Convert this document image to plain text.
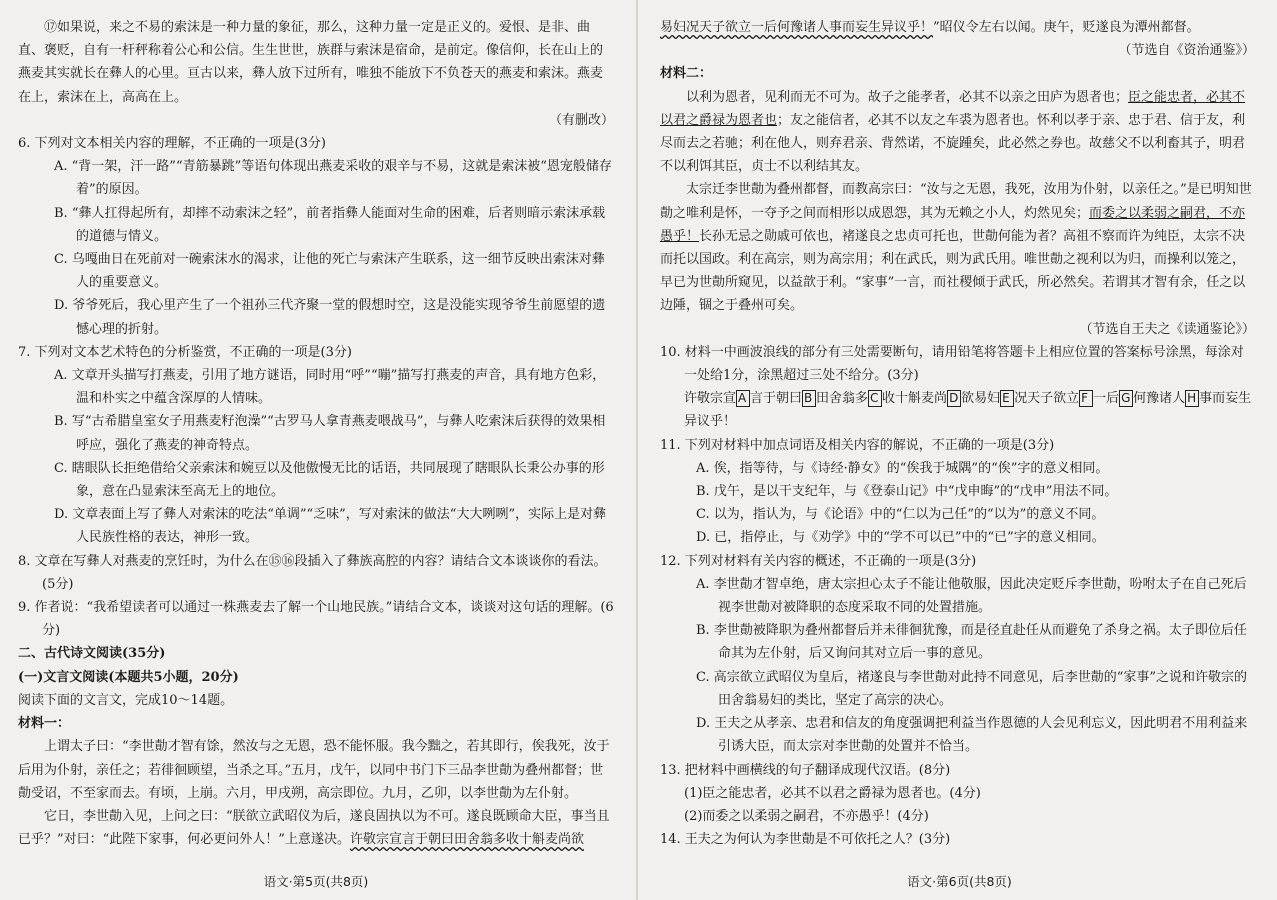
⑰如果说，来之不易的索沫是一种力量的象征，那么，这种力量一定是正义的。爱恨、是非、曲直、褒贬，自有一杆秤称着公心和公信。生生世世，族群与索沫是宿命，是前定。像信仰，长在山上的燕麦其实就长在彝人的心里。亘古以来，彝人放下过所有，唯独不能放下不负苍天的燕麦和索沫。燕麦在上，索沫在上，高高在上。

（有删改）

6. 下列对文本相关内容的理解，不正确的一项是(3分)

A. “背一架，汗一路”“青筋暴跳”等语句体现出燕麦采收的艰辛与不易，这就是索沫被“恩宠般储存着”的原因。

B. “彝人扛得起所有，却摔不动索沫之轻”，前者指彝人能面对生命的困难，后者则暗示索沫承载的道德与情义。

C. 乌嘎曲日在死前对一碗索沫水的渴求，让他的死亡与索沫产生联系，这一细节反映出索沫对彝人的重要意义。

D. 爷爷死后，我心里产生了一个祖孙三代齐聚一堂的假想时空，这是没能实现爷爷生前愿望的遗憾心理的折射。

7. 下列对文本艺术特色的分析鉴赏，不正确的一项是(3分)

A. 文章开头描写打燕麦，引用了地方谜语，同时用“呼”“嘣”描写打燕麦的声音，具有地方色彩，温和朴实之中蕴含深厚的人情味。

B. 写“古希腊皇室女子用燕麦籽泡澡”“古罗马人拿青燕麦喂战马”，与彝人吃索沫后获得的效果相呼应，强化了燕麦的神奇特点。

C. 瞎眼队长拒绝借给父亲索沫和婉豆以及他傲慢无比的话语，共同展现了瞎眼队长秉公办事的形象，意在凸显索沫至高无上的地位。

D. 文章表面上写了彝人对索沫的吃法“单调”“乏味”，写对索沫的做法“大大咧咧”，实际上是对彝人民族性格的表达，神形一致。

8. 文章在写彝人对燕麦的烹饪时，为什么在⑮⑯段插入了彝族高腔的内容？请结合文本谈谈你的看法。(5分)

9. 作者说：“我希望读者可以通过一株燕麦去了解一个山地民族。”请结合文本，谈谈对这句话的理解。(6分)

二、古代诗文阅读(35分)

(一)文言文阅读(本题共5小题，20分)

阅读下面的文言文，完成10～14题。

材料一：

上谓太子曰：“李世勣才智有馀，然汝与之无恩，恐不能怀服。我今黜之，若其即行，俟我死，汝于后用为仆射，亲任之；若徘徊顾望，当杀之耳。”五月，戊午，以同中书门下三品李世勣为叠州都督；世勣受诏，不至家而去。有顷，上崩。六月，甲戌朔，高宗即位。九月，乙卯，以李世勣为左仆射。

它日，李世勣入见，上问之曰：“朕欲立武昭仪为后，遂良固执以为不可。遂良既顾命大臣，事当且已乎？”对曰：“此陛下家事，何必更问外人！”上意遂决。许敬宗宣言于朝曰田舍翁多收十斛麦尚欲

语文·第5页(共8页)

易妇况天子欲立一后何豫诸人事而妄生异议乎！”昭仪令左右以闻。庚午，贬遂良为潭州都督。

（节选自《资治通鉴》）

材料二：

以利为恩者，见利而无不可为。故子之能孝者，必其不以亲之田庐为恩者也；臣之能忠者，必其不以君之爵禄为恩者也；友之能信者，必其不以友之车裘为恩者也。怀利以孝于亲、忠于君、信于友，利尽而去之若驰；利在他人，则弃君亲、背然诺，不旋踵矣，此必然之券也。故慈父不以利畜其子，明君不以利饵其臣，贞士不以利结其友。

太宗迁李世勣为叠州都督，而教高宗曰：“汝与之无恩，我死，汝用为仆射，以亲任之。”是已明知世勣之唯利是怀，一夺予之间而相形以成恩怨，其为无赖之小人，灼然见矣；而委之以柔弱之嗣君，不亦愚乎！长孙无忌之勋戚可依也，褚遂良之忠贞可托也，世勣何能为者？高祖不察而许为纯臣，太宗不决而托以国政。利在高宗，则为高宗用；利在武氏，则为武氏用。唯世勣之视利以为归，而操利以笼之，早已为世勣所窥见，以益歆于利。“家事”一言，而社稷倾于武氏，所必然矣。若谓其才智有余，任之以边陲，锢之于叠州可矣。

（节选自王夫之《读通鉴论》）

10. 材料一中画波浪线的部分有三处需要断句，请用铅笔将答题卡上相应位置的答案标号涂黑，每涂对一处给1分，涂黑超过三处不给分。(3分)

许敬宗宣 A 言于朝曰 B 田舍翁多 C 收十斛麦尚 D 欲易妇 E 况天子欲立 F 一后 G 何豫诸人 H 事而妄生异议乎！

11. 下列对材料中加点词语及相关内容的解说，不正确的一项是(3分)

A. 俟，指等待，与《诗经·静女》的“俟我于城隅”的“俟”字的意义相同。

B. 戊午，是以干支纪年，与《登泰山记》中“戊申晦”的“戊申”用法不同。

C. 以为，指认为，与《论语》中的“仁以为己任”的“以为”的意义不同。

D. 已，指停止，与《劝学》中的“学不可以已”中的“已”字的意义相同。

12. 下列对材料有关内容的概述，不正确的一项是(3分)

A. 李世勣才智卓绝，唐太宗担心太子不能让他敬服，因此决定贬斥李世勣，吩咐太子在自己死后视李世勣对被降职的态度采取不同的处置措施。

B. 李世勣被降职为叠州都督后并未徘徊犹豫，而是径直赴任从而避免了杀身之祸。太子即位后任命其为左仆射，后又询问其对立后一事的意见。

C. 高宗欲立武昭仪为皇后，褚遂良与李世勣对此持不同意见，后李世勣的“家事”之说和许敬宗的田舍翁易妇的类比，坚定了高宗的决心。

D. 王夫之从孝亲、忠君和信友的角度强调把利益当作恩德的人会见利忘义，因此明君不用利益来引诱大臣，而太宗对李世勣的处置并不恰当。

13. 把材料中画横线的句子翻译成现代汉语。(8分)

(1)臣之能忠者，必其不以君之爵禄为恩者也。(4分)

(2)而委之以柔弱之嗣君，不亦愚乎！(4分)

14. 王夫之为何认为李世勣是不可依托之人？(3分)

语文·第6页(共8页)
